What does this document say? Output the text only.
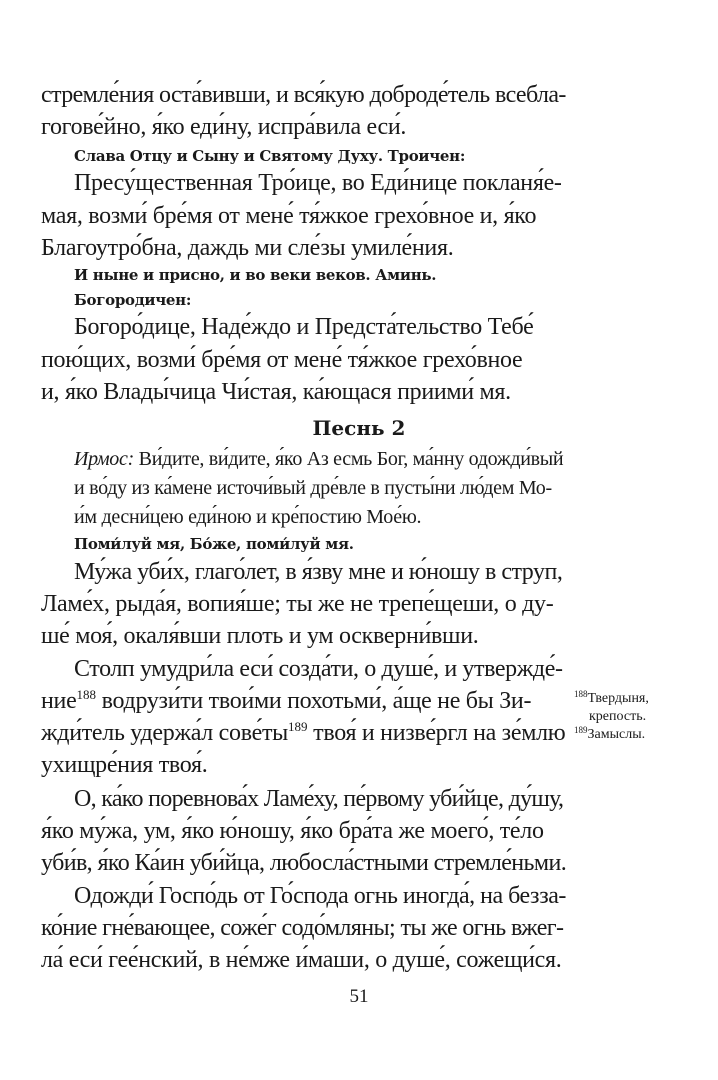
стремле́ния оста́вивши, и вся́кую доброде́тель всебла-
гогове́йно, я́ко еди́ну, испра́вила еси́.
Слава Отцу и Сыну и Святому Духу. Троичен:
Пресу́щественная Тро́ице, во Еди́нице покланя́е-
мая, возми́ бре́мя от мене́ тя́жкое грехо́вное и, я́ко
Благоутро́бна, даждь ми сле́зы умиле́ния.
И ныне и присно, и во веки веков. Аминь.
Богородичен:
Богоро́дице, Наде́ждо и Предста́тельство Тебе́
пою́щих, возми́ бре́мя от мене́ тя́жкое грехо́вное
и, я́ко Влады́чица Чи́стая, ка́ющася приими́ мя.
Песнь 2
Ирмос: Ви́дите, ви́дите, я́ко Аз есмь Бог, ма́нну одожди́вый
и во́ду из ка́мене источи́вый дре́вле в пусты́ни лю́дем Мо-
и́м десни́цею еди́ною и кре́постию Мое́ю.
Поми́луй мя, Бо́же, поми́луй мя.
Му́жа уби́х, глаго́лет, в я́зву мне и ю́ношу в струп,
Ламе́х, рыда́я, вопия́ше; ты же не трепе́щеши, о ду-
ше́ моя́, окаля́вши плоть и ум оскверни́вши.
Столп умудри́ла еси́ созда́ти, о душе́, и утвержде́-
ние$^{188}$ водрузи́ти твои́ми похотьми́, а́ще не бы Зи-
жди́тель удержа́л $сове́ты^{189}$ твоя́ и низве́ргл на зе́млю
ухищре́ния твоя́.
О, ка́ко поревнова́х Ламе́ху, пе́рвому уби́йце, ду́шу,
я́ко му́жа, ум, я́ко ю́ношу, я́ко бра́та же моего́, те́ло
уби́в, я́ко Ка́ин уби́йца, любосла́стными стремле́ньми.
Одожди́ Госпо́дь от Го́спода огнь иногда́, на безза-
ко́ние гне́вающее, соже́г содо́мляны; ты же огнь вжег-
ла́ еси́ гее́нский, в не́мже и́маши, о душе́, сожещи́ся.
$^{188}$Твердыня,
крепость.
$^{189}$Замыслы.
51
